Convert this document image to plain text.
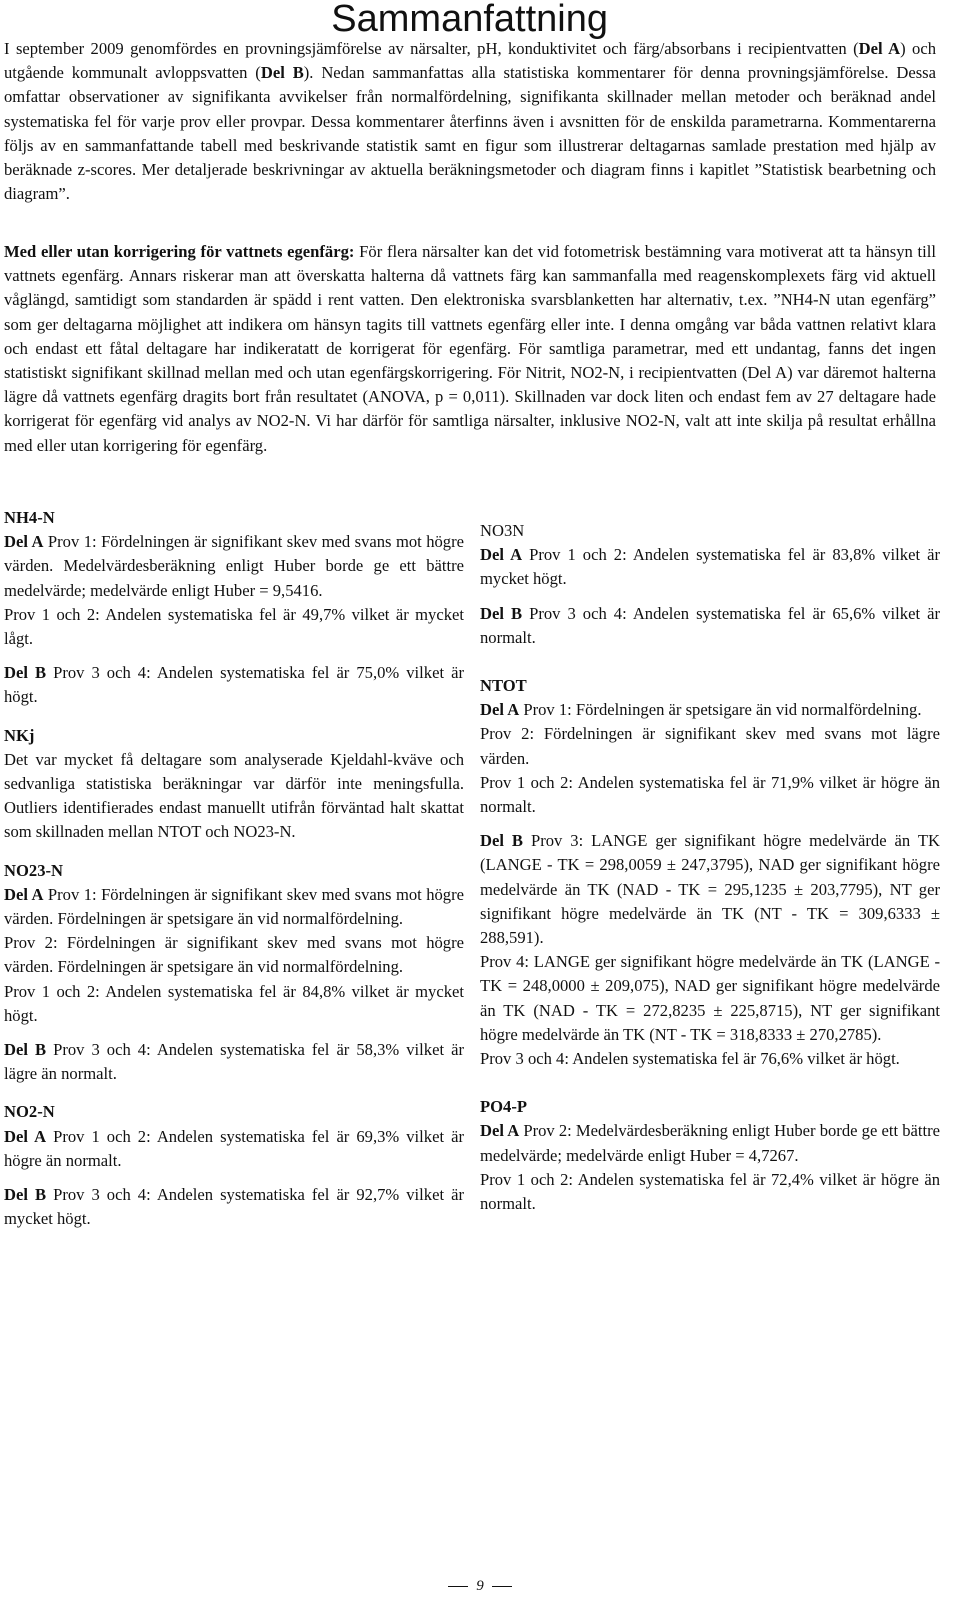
Sammanfattning

I september 2009 genomfördes en provningsjämförelse av närsalter, pH, konduktivitet och färg/absorbans i recipientvatten (Del A) och utgående kommunalt avloppsvatten (Del B). Nedan sammanfattas alla statistiska kommentarer för denna provningsjämförelse. Dessa omfattar observationer av signifikanta avvikelser från normalfördelning, signifikanta skillnader mellan metoder och beräknad andel systematiska fel för varje prov eller provpar. Dessa kommentarer återfinns även i avsnitten för de enskilda parametrarna. Kommentarerna följs av en sammanfattande tabell med beskrivande statistik samt en figur som illustrerar deltagarnas samlade prestation med hjälp av beräknade z-scores. Mer detaljerade beskrivningar av aktuella beräkningsmetoder och diagram finns i kapitlet ”Statistisk bearbetning och diagram”.

Med eller utan korrigering för vattnets egenfärg: För flera närsalter kan det vid fotometrisk bestämning vara motiverat att ta hänsyn till vattnets egenfärg. Annars riskerar man att överskatta halterna då vattnets färg kan sammanfalla med reagenskomplexets färg vid aktuell våglängd, samtidigt som standarden är spädd i rent vatten. Den elektroniska svarsblanketten har alternativ, t.ex. ”NH4-N utan egenfärg” som ger deltagarna möjlighet att indikera om hänsyn tagits till vattnets egenfärg eller inte. I denna omgång var båda vattnen relativt klara och endast ett fåtal deltagare har indikeratatt de korrigerat för egenfärg. För samtliga parametrar, med ett undantag, fanns det ingen statistiskt signifikant skillnad mellan med och utan egenfärgskorrigering. För Nitrit, NO2-N, i recipientvatten (Del A) var däremot halterna lägre då vattnets egenfärg dragits bort från resultatet (ANOVA, p = 0,011). Skillnaden var dock liten och endast fem av 27 deltagare hade korrigerat för egenfärg vid analys av NO2-N. Vi har därför för samtliga närsalter, inklusive NO2-N, valt att inte skilja på resultat erhållna med eller utan korrigering för egenfärg.

NH4-N

Del A Prov 1: Fördelningen är signifikant skev med svans mot högre värden. Medelvärdesberäkning enligt Huber borde ge ett bättre medelvärde; medelvärde enligt Huber = 9,5416.

Prov 1 och 2: Andelen systematiska fel är 49,7% vilket är mycket lågt.

Del B Prov 3 och 4: Andelen systematiska fel är 75,0% vilket är högt.

NKj

Det var mycket få deltagare som analyserade Kjeldahl-kväve och sedvanliga statistiska beräkningar var därför inte meningsfulla. Outliers identifierades endast manuellt utifrån förväntad halt skattat som skillnaden mellan NTOT och NO23-N.

NO23-N

Del A Prov 1: Fördelningen är signifikant skev med svans mot högre värden. Fördelningen är spetsigare än vid normalfördelning.

Prov 2: Fördelningen är signifikant skev med svans mot högre värden. Fördelningen är spetsigare än vid normalfördelning.

Prov 1 och 2: Andelen systematiska fel är 84,8% vilket är mycket högt.

Del B Prov 3 och 4: Andelen systematiska fel är 58,3% vilket är lägre än normalt.

NO2-N

Del A Prov 1 och 2: Andelen systematiska fel är 69,3% vilket är högre än normalt.

Del B Prov 3 och 4: Andelen systematiska fel är 92,7% vilket är mycket högt.

NO3N

Del A Prov 1 och 2: Andelen systematiska fel är 83,8% vilket är mycket högt.

Del B Prov 3 och 4: Andelen systematiska fel är 65,6% vilket är normalt.

NTOT

Del A Prov 1: Fördelningen är spetsigare än vid normalfördelning.

Prov 2: Fördelningen är signifikant skev med svans mot lägre värden.

Prov 1 och 2: Andelen systematiska fel är 71,9% vilket är högre än normalt.

Del B Prov 3: LANGE ger signifikant högre medelvärde än TK (LANGE - TK = 298,0059 ± 247,3795), NAD ger signifikant högre medelvärde än TK (NAD - TK = 295,1235 ± 203,7795), NT ger signifikant högre medelvärde än TK (NT - TK = 309,6333 ± 288,591).

Prov 4: LANGE ger signifikant högre medelvärde än TK (LANGE - TK = 248,0000 ± 209,075), NAD ger signifikant högre medelvärde än TK (NAD - TK = 272,8235 ± 225,8715), NT ger signifikant högre medelvärde än TK (NT - TK = 318,8333 ± 270,2785).

Prov 3 och 4: Andelen systematiska fel är 76,6% vilket är högt.

PO4-P

Del A Prov 2: Medelvärdesberäkning enligt Huber borde ge ett bättre medelvärde; medelvärde enligt Huber = 4,7267.

Prov 1 och 2: Andelen systematiska fel är 72,4% vilket är högre än normalt.

9
